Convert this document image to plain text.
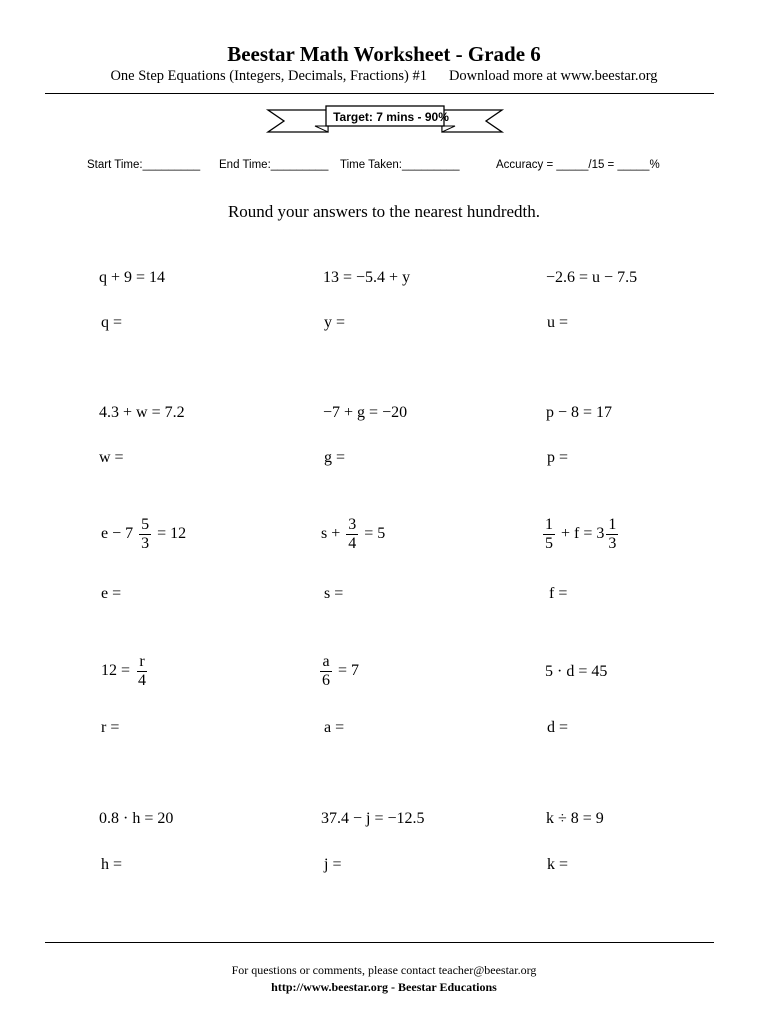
Beestar Math Worksheet - Grade 6
One Step Equations (Integers, Decimals, Fractions) #1 Download more at www.beestar.org
Target: 7 mins - 90%
Start Time:_________ End Time:_________ Time Taken:_________	Accuracy = _____/15 = _____%
Round your answers to the nearest hundredth.
q + 9 = 14
q =
13 = −5.4 + y
y =
−2.6 = u − 7.5
u =
4.3 + w = 7.2
w =
−7 + g = −20
g =
p − 8 = 17
p =
$e - 7 \frac{5}{3} = 12$
e =
$s + \frac{3}{4} = 5$
s =
$\frac{1}{5} + f = 3 \frac{1}{3}$
f =
$12 = \frac{r}{4}$
r =
$\frac{a}{6} = 7$
a =
5 · d = 45
d =
0.8 · h = 20
h =
37.4 − j = −12.5
j =
k ÷ 8 = 9
k =
For questions or comments, please contact teacher@beestar.org
http://www.beestar.org - Beestar Educations
